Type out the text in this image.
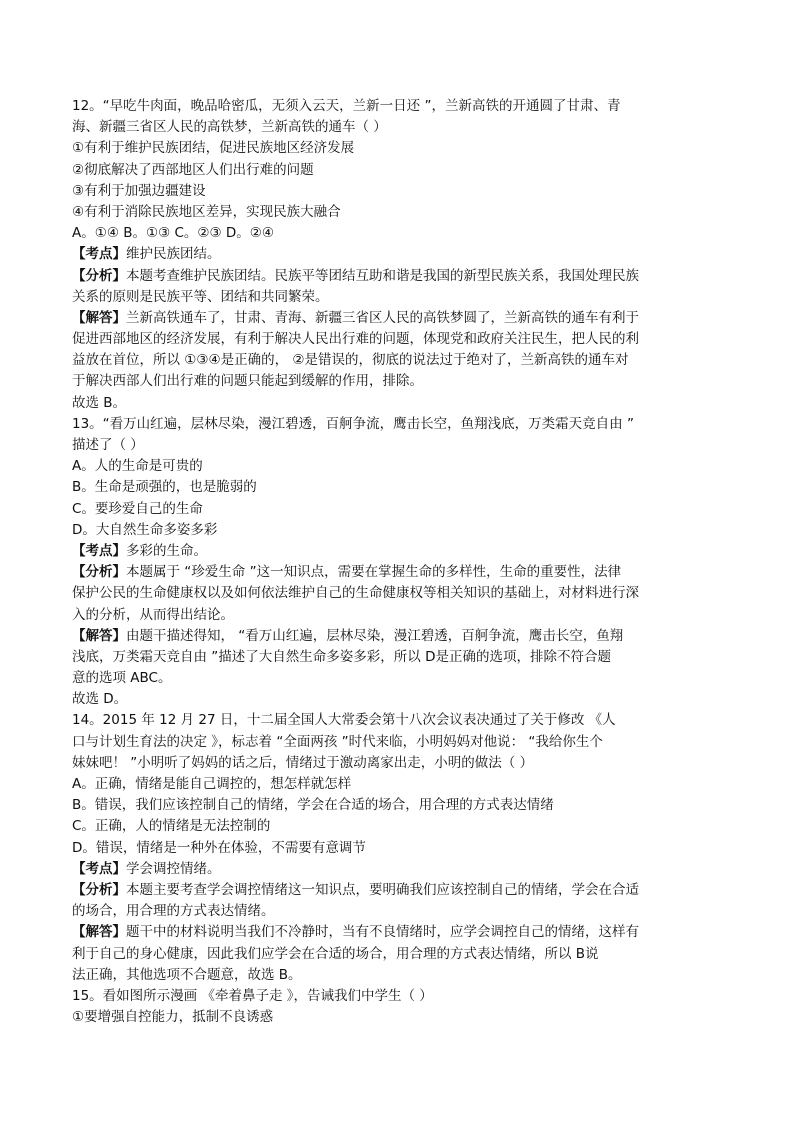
12。“早吃牛肉面，晚品哈密瓜，无须入云天，兰新一日还 ”，兰新高铁的开通圆了甘肃、青
海、新疆三省区人民的高铁梦，兰新高铁的通车（ ）
①有利于维护民族团结，促进民族地区经济发展
②彻底解决了西部地区人们出行难的问题
③有利于加强边疆建设
④有利于消除民族地区差异，实现民族大融合
A。①④ B。①③ C。②③ D。②④
【考点】维护民族团结。
【分析】本题考查维护民族团结。民族平等团结互助和谐是我国的新型民族关系，我国处理民族
关系的原则是民族平等、团结和共同繁荣。
【解答】兰新高铁通车了，甘肃、青海、新疆三省区人民的高铁梦圆了，兰新高铁的通车有利于
促进西部地区的经济发展，有利于解决人民出行难的问题，体现党和政府关注民生，把人民的利
益放在首位，所以 ①③④是正确的， ②是错误的，彻底的说法过于绝对了，兰新高铁的通车对
于解决西部人们出行难的问题只能起到缓解的作用，排除。
故选 B。
13。“看万山红遍，层林尽染，漫江碧透，百舸争流，鹰击长空，鱼翔浅底，万类霜天竞自由 ”
描述了（ ）
A。人的生命是可贵的
B。生命是顽强的，也是脆弱的
C。要珍爱自己的生命
D。大自然生命多姿多彩
【考点】多彩的生命。
【分析】本题属于 “珍爱生命 ”这一知识点，需要在掌握生命的多样性，生命的重要性，法律
保护公民的生命健康权以及如何依法维护自己的生命健康权等相关知识的基础上，对材料进行深
入的分析，从而得出结论。
【解答】由题干描述得知， “看万山红遍，层林尽染，漫江碧透，百舸争流，鹰击长空，鱼翔
浅底，万类霜天竞自由 ”描述了大自然生命多姿多彩，所以 D是正确的选项，排除不符合题
意的选项 ABC。
故选 D。
14。2015 年 12 月 27 日，十二届全国人大常委会第十八次会议表决通过了关于修改 《人
口与计划生育法的决定 》，标志着 “全面两孩 ”时代来临，小明妈妈对他说： “我给你生个
妹妹吧！ ”小明听了妈妈的话之后，情绪过于激动离家出走，小明的做法（ ）
A。正确，情绪是能自己调控的，想怎样就怎样
B。错误，我们应该控制自己的情绪，学会在合适的场合，用合理的方式表达情绪
C。正确，人的情绪是无法控制的
D。错误，情绪是一种外在体验，不需要有意调节
【考点】学会调控情绪。
【分析】本题主要考查学会调控情绪这一知识点，要明确我们应该控制自己的情绪，学会在合适
的场合，用合理的方式表达情绪。
【解答】题干中的材料说明当我们不冷静时，当有不良情绪时，应学会调控自己的情绪，这样有
利于自己的身心健康，因此我们应学会在合适的场合，用合理的方式表达情绪，所以 B说
法正确，其他选项不合题意，故选 B。
15。看如图所示漫画 《牵着鼻子走 》，告诫我们中学生（ ）
①要增强自控能力，抵制不良诱惑
